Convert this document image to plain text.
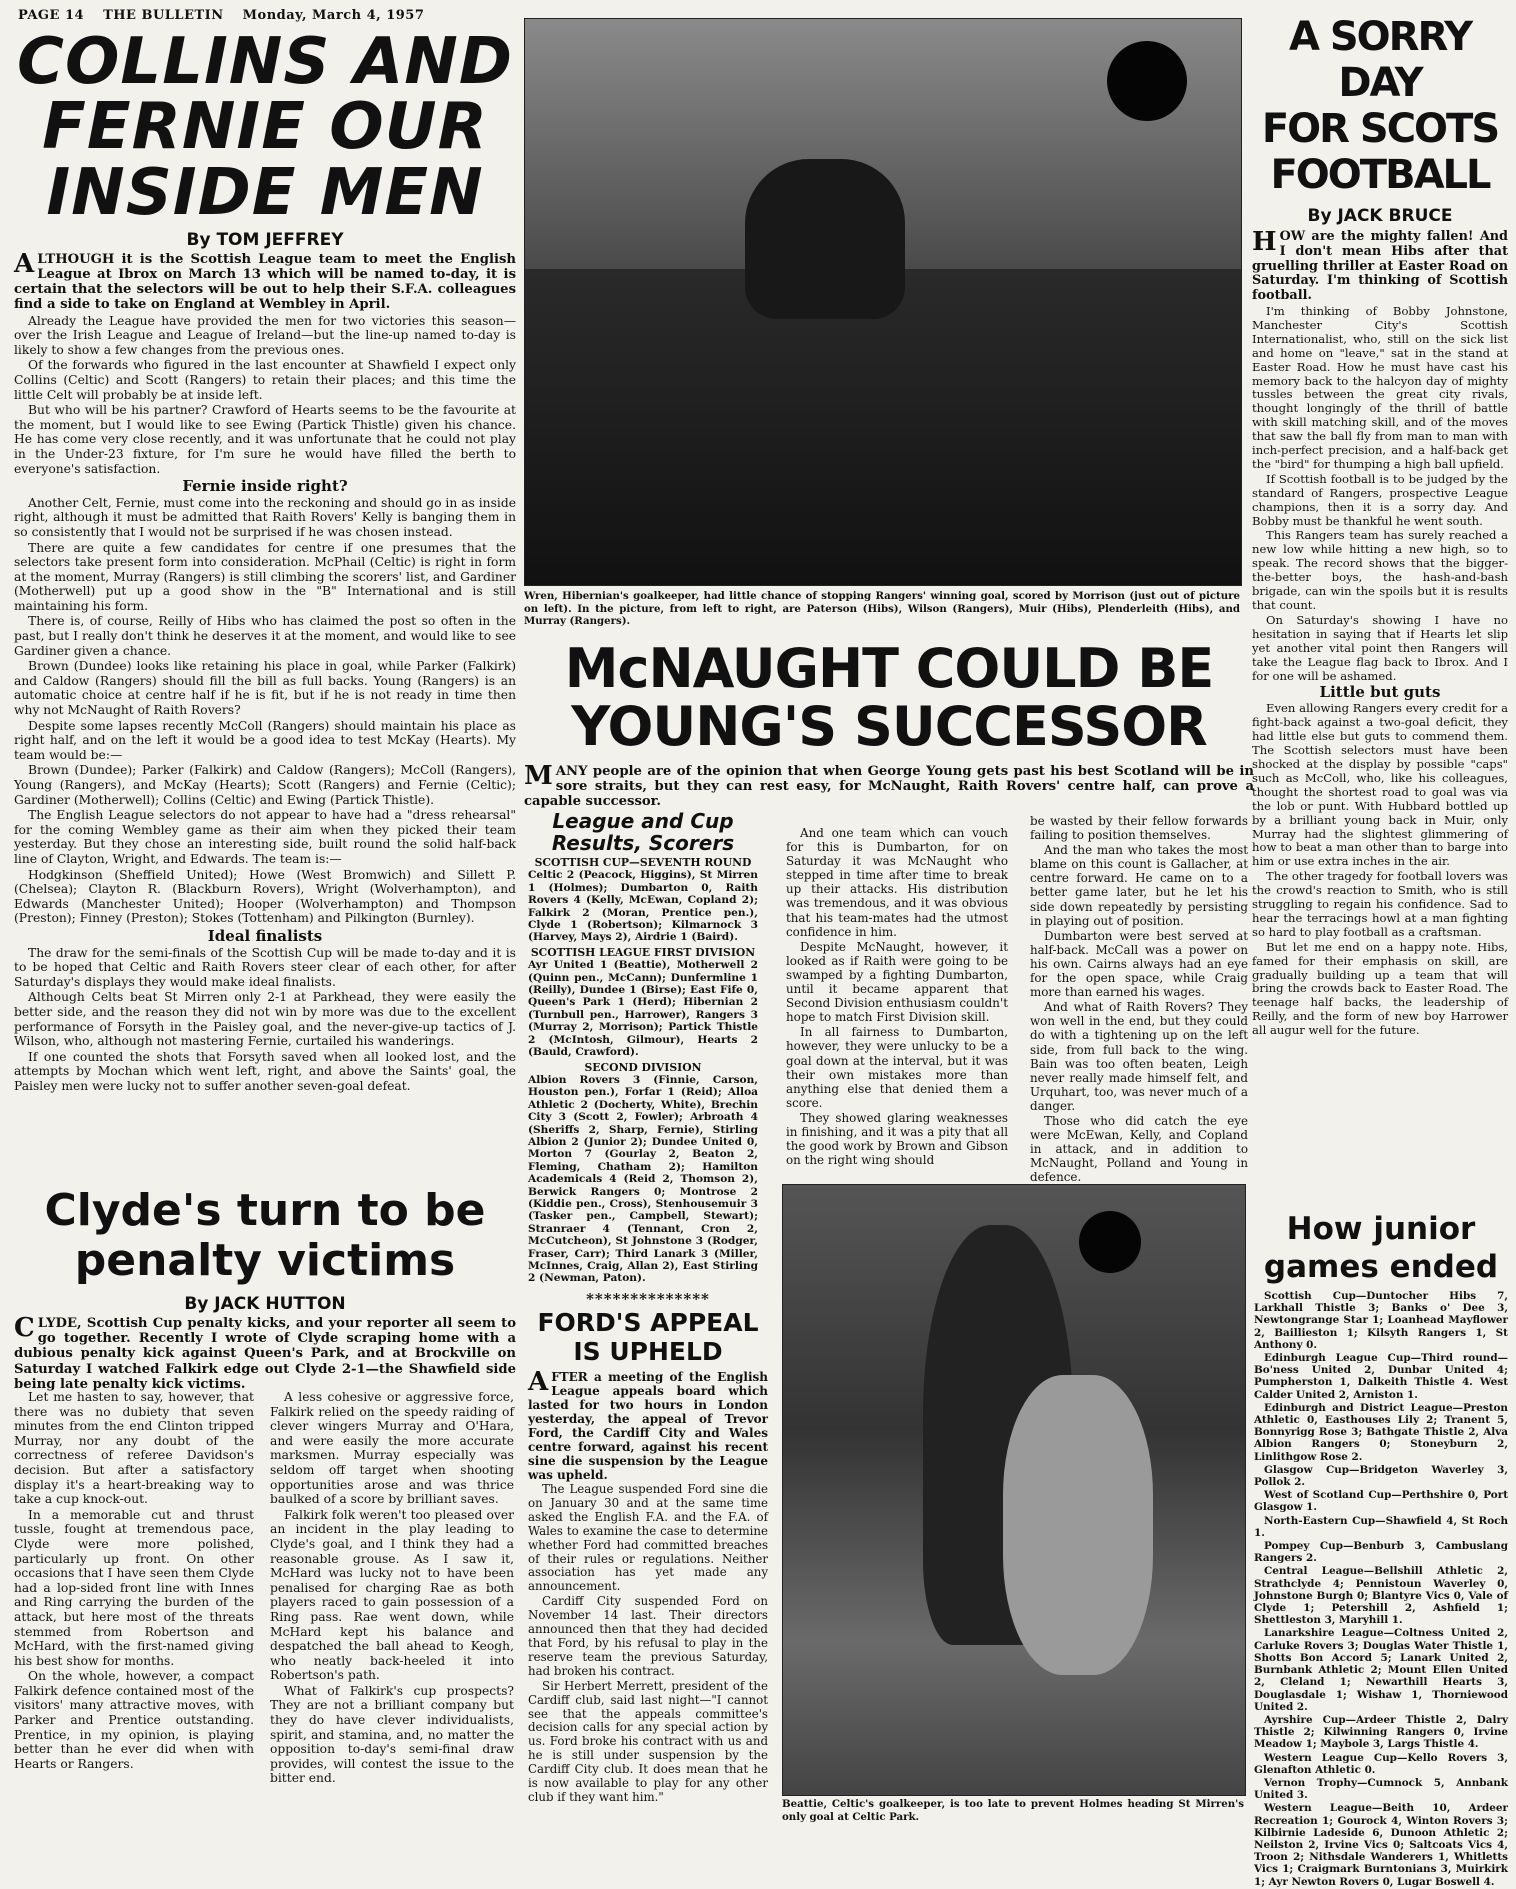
PAGE 14 THE BULLETIN Monday, March 4, 1957
COLLINS AND
FERNIE OUR
INSIDE MEN
By TOM JEFFREY

ALTHOUGH it is the Scottish League team to meet the English League at Ibrox on March 13 which will be named to-day, it is certain that the selectors will be out to help their S.F.A. colleagues find a side to take on England at Wembley in April.

Already the League have provided the men for two victories this season—over the Irish League and League of Ireland—but the line-up named to-day is likely to show a few changes from the previous ones.

Of the forwards who figured in the last encounter at Shawfield I expect only Collins (Celtic) and Scott (Rangers) to retain their places; and this time the little Celt will probably be at inside left.

But who will be his partner? Crawford of Hearts seems to be the favourite at the moment, but I would like to see Ewing (Partick Thistle) given his chance. He has come very close recently, and it was unfortunate that he could not play in the Under-23 fixture, for I'm sure he would have filled the berth to everyone's satisfaction.

Fernie inside right?

Another Celt, Fernie, must come into the reckoning and should go in as inside right, although it must be admitted that Raith Rovers' Kelly is banging them in so consistently that I would not be surprised if he was chosen instead.

There are quite a few candidates for centre if one presumes that the selectors take present form into consideration. McPhail (Celtic) is right in form at the moment, Murray (Rangers) is still climbing the scorers' list, and Gardiner (Motherwell) put up a good show in the "B" International and is still maintaining his form.

There is, of course, Reilly of Hibs who has claimed the post so often in the past, but I really don't think he deserves it at the moment, and would like to see Gardiner given a chance.

Brown (Dundee) looks like retaining his place in goal, while Parker (Falkirk) and Caldow (Rangers) should fill the bill as full backs. Young (Rangers) is an automatic choice at centre half if he is fit, but if he is not ready in time then why not McNaught of Raith Rovers?

Despite some lapses recently McColl (Rangers) should maintain his place as right half, and on the left it would be a good idea to test McKay (Hearts). My team would be:—

Brown (Dundee); Parker (Falkirk) and Caldow (Rangers); McColl (Rangers), Young (Rangers), and McKay (Hearts); Scott (Rangers) and Fernie (Celtic); Gardiner (Motherwell); Collins (Celtic) and Ewing (Partick Thistle).

The English League selectors do not appear to have had a "dress rehearsal" for the coming Wembley game as their aim when they picked their team yesterday. But they chose an interesting side, built round the solid half-back line of Clayton, Wright, and Edwards. The team is:—

Hodgkinson (Sheffield United); Howe (West Bromwich) and Sillett P. (Chelsea); Clayton R. (Blackburn Rovers), Wright (Wolverhampton), and Edwards (Manchester United); Hooper (Wolverhampton) and Thompson (Preston); Finney (Preston); Stokes (Tottenham) and Pilkington (Burnley).

Ideal finalists

The draw for the semi-finals of the Scottish Cup will be made to-day and it is to be hoped that Celtic and Raith Rovers steer clear of each other, for after Saturday's displays they would make ideal finalists.

Although Celts beat St Mirren only 2-1 at Parkhead, they were easily the better side, and the reason they did not win by more was due to the excellent performance of Forsyth in the Paisley goal, and the never-give-up tactics of J. Wilson, who, although not mastering Fernie, curtailed his wanderings.

If one counted the shots that Forsyth saved when all looked lost, and the attempts by Mochan which went left, right, and above the Saints' goal, the Paisley men were lucky not to suffer another seven-goal defeat.

Clyde's turn to be
penalty victims
By JACK HUTTON

CLYDE, Scottish Cup penalty kicks, and your reporter all seem to go together. Recently I wrote of Clyde scraping home with a dubious penalty kick against Queen's Park, and at Brockville on Saturday I watched Falkirk edge out Clyde 2-1—the Shawfield side being late penalty kick victims.

Let me hasten to say, however, that there was no dubiety that seven minutes from the end Clinton tripped Murray, nor any doubt of the correctness of referee Davidson's decision. But after a satisfactory display it's a heart-breaking way to take a cup knock-out.

In a memorable cut and thrust tussle, fought at tremendous pace, Clyde were more polished, particularly up front. On other occasions that I have seen them Clyde had a lop-sided front line with Innes and Ring carrying the burden of the attack, but here most of the threats stemmed from Robertson and McHard, with the first-named giving his best show for months.

On the whole, however, a compact Falkirk defence contained most of the visitors' many attractive moves, with Parker and Prentice outstanding. Prentice, in my opinion, is playing better than he ever did when with Hearts or Rangers.

A less cohesive or aggressive force, Falkirk relied on the speedy raiding of clever wingers Murray and O'Hara, and were easily the more accurate marksmen. Murray especially was seldom off target when shooting opportunities arose and was thrice baulked of a score by brilliant saves.

Falkirk folk weren't too pleased over an incident in the play leading to Clyde's goal, and I think they had a reasonable grouse. As I saw it, McHard was lucky not to have been penalised for charging Rae as both players raced to gain possession of a Ring pass. Rae went down, while McHard kept his balance and despatched the ball ahead to Keogh, who neatly back-heeled it into Robertson's path.

What of Falkirk's cup prospects? They are not a brilliant company but they do have clever individualists, spirit, and stamina, and, no matter the opposition to-day's semi-final draw provides, will contest the issue to the bitter end.

Wren, Hibernian's goalkeeper, had little chance of stopping Rangers' winning goal, scored by Morrison (just out of picture on left). In the picture, from left to right, are Paterson (Hibs), Wilson (Rangers), Muir (Hibs), Plenderleith (Hibs), and Murray (Rangers).
McNAUGHT COULD BE
YOUNG'S SUCCESSOR

MANY people are of the opinion that when George Young gets past his best Scotland will be in sore straits, but they can rest easy, for McNaught, Raith Rovers' centre half, can prove a capable successor.

League and Cup
Results, Scorers
SCOTTISH CUP—SEVENTH ROUND
Celtic 2 (Peacock, Higgins), St Mirren 1 (Holmes); Dumbarton 0, Raith Rovers 4 (Kelly, McEwan, Copland 2); Falkirk 2 (Moran, Prentice pen.), Clyde 1 (Robertson); Kilmarnock 3 (Harvey, Mays 2), Airdrie 1 (Baird).
SCOTTISH LEAGUE FIRST DIVISION
Ayr United 1 (Beattie), Motherwell 2 (Quinn pen., McCann); Dunfermline 1 (Reilly), Dundee 1 (Birse); East Fife 0, Queen's Park 1 (Herd); Hibernian 2 (Turnbull pen., Harrower), Rangers 3 (Murray 2, Morrison); Partick Thistle 2 (McIntosh, Gilmour), Hearts 2 (Bauld, Crawford).
SECOND DIVISION
Albion Rovers 3 (Finnie, Carson, Houston pen.), Forfar 1 (Reid); Alloa Athletic 2 (Docherty, White), Brechin City 3 (Scott 2, Fowler); Arbroath 4 (Sheriffs 2, Sharp, Fernie), Stirling Albion 2 (Junior 2); Dundee United 0, Morton 7 (Gourlay 2, Beaton 2, Fleming, Chatham 2); Hamilton Academicals 4 (Reid 2, Thomson 2), Berwick Rangers 0; Montrose 2 (Kiddie pen., Cross), Stenhousemuir 3 (Tasker pen., Campbell, Stewart); Stranraer 4 (Tennant, Cron 2, McCutcheon), St Johnstone 3 (Rodger, Fraser, Carr); Third Lanark 3 (Miller, McInnes, Craig, Allan 2), East Stirling 2 (Newman, Paton).

And one team which can vouch for this is Dumbarton, for on Saturday it was McNaught who stepped in time after time to break up their attacks. His distribution was tremendous, and it was obvious that his team-mates had the utmost confidence in him.

Despite McNaught, however, it looked as if Raith were going to be swamped by a fighting Dumbarton, until it became apparent that Second Division enthusiasm couldn't hope to match First Division skill.

In all fairness to Dumbarton, however, they were unlucky to be a goal down at the interval, but it was their own mistakes more than anything else that denied them a score.

They showed glaring weaknesses in finishing, and it was a pity that all the good work by Brown and Gibson on the right wing should

be wasted by their fellow forwards failing to position themselves.

And the man who takes the most blame on this count is Gallacher, at centre forward. He came on to a better game later, but he let his side down repeatedly by persisting in playing out of position.

Dumbarton were best served at half-back. McCall was a power on his own. Cairns always had an eye for the open space, while Craig more than earned his wages.

And what of Raith Rovers? They won well in the end, but they could do with a tightening up on the left side, from full back to the wing. Bain was too often beaten, Leigh never really made himself felt, and Urquhart, too, was never much of a danger.

Those who did catch the eye were McEwan, Kelly, and Copland in attack, and in addition to McNaught, Polland and Young in defence.

**************
FORD'S APPEAL
IS UPHELD

AFTER a meeting of the English League appeals board which lasted for two hours in London yesterday, the appeal of Trevor Ford, the Cardiff City and Wales centre forward, against his recent sine die suspension by the League was upheld.

The League suspended Ford sine die on January 30 and at the same time asked the English F.A. and the F.A. of Wales to examine the case to determine whether Ford had committed breaches of their rules or regulations. Neither association has yet made any announcement.

Cardiff City suspended Ford on November 14 last. Their directors announced then that they had decided that Ford, by his refusal to play in the reserve team the previous Saturday, had broken his contract.

Sir Herbert Merrett, president of the Cardiff club, said last night—"I cannot see that the appeals committee's decision calls for any special action by us. Ford broke his contract with us and he is still under suspension by the Cardiff City club. It does mean that he is now available to play for any other club if they want him."

Beattie, Celtic's goalkeeper, is too late to prevent Holmes heading St Mirren's only goal at Celtic Park.
A SORRY DAY
FOR SCOTS
FOOTBALL
By JACK BRUCE

HOW are the mighty fallen! And I don't mean Hibs after that gruelling thriller at Easter Road on Saturday. I'm thinking of Scottish football.

I'm thinking of Bobby Johnstone, Manchester City's Scottish Internationalist, who, still on the sick list and home on "leave," sat in the stand at Easter Road. How he must have cast his memory back to the halcyon day of mighty tussles between the great city rivals, thought longingly of the thrill of battle with skill matching skill, and of the moves that saw the ball fly from man to man with inch-perfect precision, and a half-back get the "bird" for thumping a high ball upfield.

If Scottish football is to be judged by the standard of Rangers, prospective League champions, then it is a sorry day. And Bobby must be thankful he went south.

This Rangers team has surely reached a new low while hitting a new high, so to speak. The record shows that the bigger-the-better boys, the hash-and-bash brigade, can win the spoils but it is results that count.

On Saturday's showing I have no hesitation in saying that if Hearts let slip yet another vital point then Rangers will take the League flag back to Ibrox. And I for one will be ashamed.

Little but guts

Even allowing Rangers every credit for a fight-back against a two-goal deficit, they had little else but guts to commend them. The Scottish selectors must have been shocked at the display by possible "caps" such as McColl, who, like his colleagues, thought the shortest road to goal was via the lob or punt. With Hubbard bottled up by a brilliant young back in Muir, only Murray had the slightest glimmering of how to beat a man other than to barge into him or use extra inches in the air.

The other tragedy for football lovers was the crowd's reaction to Smith, who is still struggling to regain his confidence. Sad to hear the terracings howl at a man fighting so hard to play football as a craftsman.

But let me end on a happy note. Hibs, famed for their emphasis on skill, are gradually building up a team that will bring the crowds back to Easter Road. The teenage half backs, the leadership of Reilly, and the form of new boy Harrower all augur well for the future.

How junior
games ended

Scottish Cup—Duntocher Hibs 7, Larkhall Thistle 3; Banks o' Dee 3, Newtongrange Star 1; Loanhead Mayflower 2, Baillieston 1; Kilsyth Rangers 1, St Anthony 0.

Edinburgh League Cup—Third round—Bo'ness United 2, Dunbar United 4; Pumpherston 1, Dalkeith Thistle 4. West Calder United 2, Arniston 1.

Edinburgh and District League—Preston Athletic 0, Easthouses Lily 2; Tranent 5, Bonnyrigg Rose 3; Bathgate Thistle 2, Alva Albion Rangers 0; Stoneyburn 2, Linlithgow Rose 2.

Glasgow Cup—Bridgeton Waverley 3, Pollok 2.

West of Scotland Cup—Perthshire 0, Port Glasgow 1.

North-Eastern Cup—Shawfield 4, St Roch 1.

Pompey Cup—Benburb 3, Cambuslang Rangers 2.

Central League—Bellshill Athletic 2, Strathclyde 4; Pennistoun Waverley 0, Johnstone Burgh 0; Blantyre Vics 0, Vale of Clyde 1; Petershill 2, Ashfield 1; Shettleston 3, Maryhill 1.

Lanarkshire League—Coltness United 2, Carluke Rovers 3; Douglas Water Thistle 1, Shotts Bon Accord 5; Lanark United 2, Burnbank Athletic 2; Mount Ellen United 2, Cleland 1; Newarthill Hearts 3, Douglasdale 1; Wishaw 1, Thorniewood United 2.

Ayrshire Cup—Ardeer Thistle 2, Dalry Thistle 2; Kilwinning Rangers 0, Irvine Meadow 1; Maybole 3, Largs Thistle 4.

Western League Cup—Kello Rovers 3, Glenafton Athletic 0.

Vernon Trophy—Cumnock 5, Annbank United 3.

Western League—Beith 10, Ardeer Recreation 1; Gourock 4, Winton Rovers 3; Kilbirnie Ladeside 6, Dunoon Athletic 2; Neilston 2, Irvine Vics 0; Saltcoats Vics 4, Troon 2; Nithsdale Wanderers 1, Whitletts Vics 1; Craigmark Burntonians 3, Muirkirk 1; Ayr Newton Rovers 0, Lugar Boswell 4.
